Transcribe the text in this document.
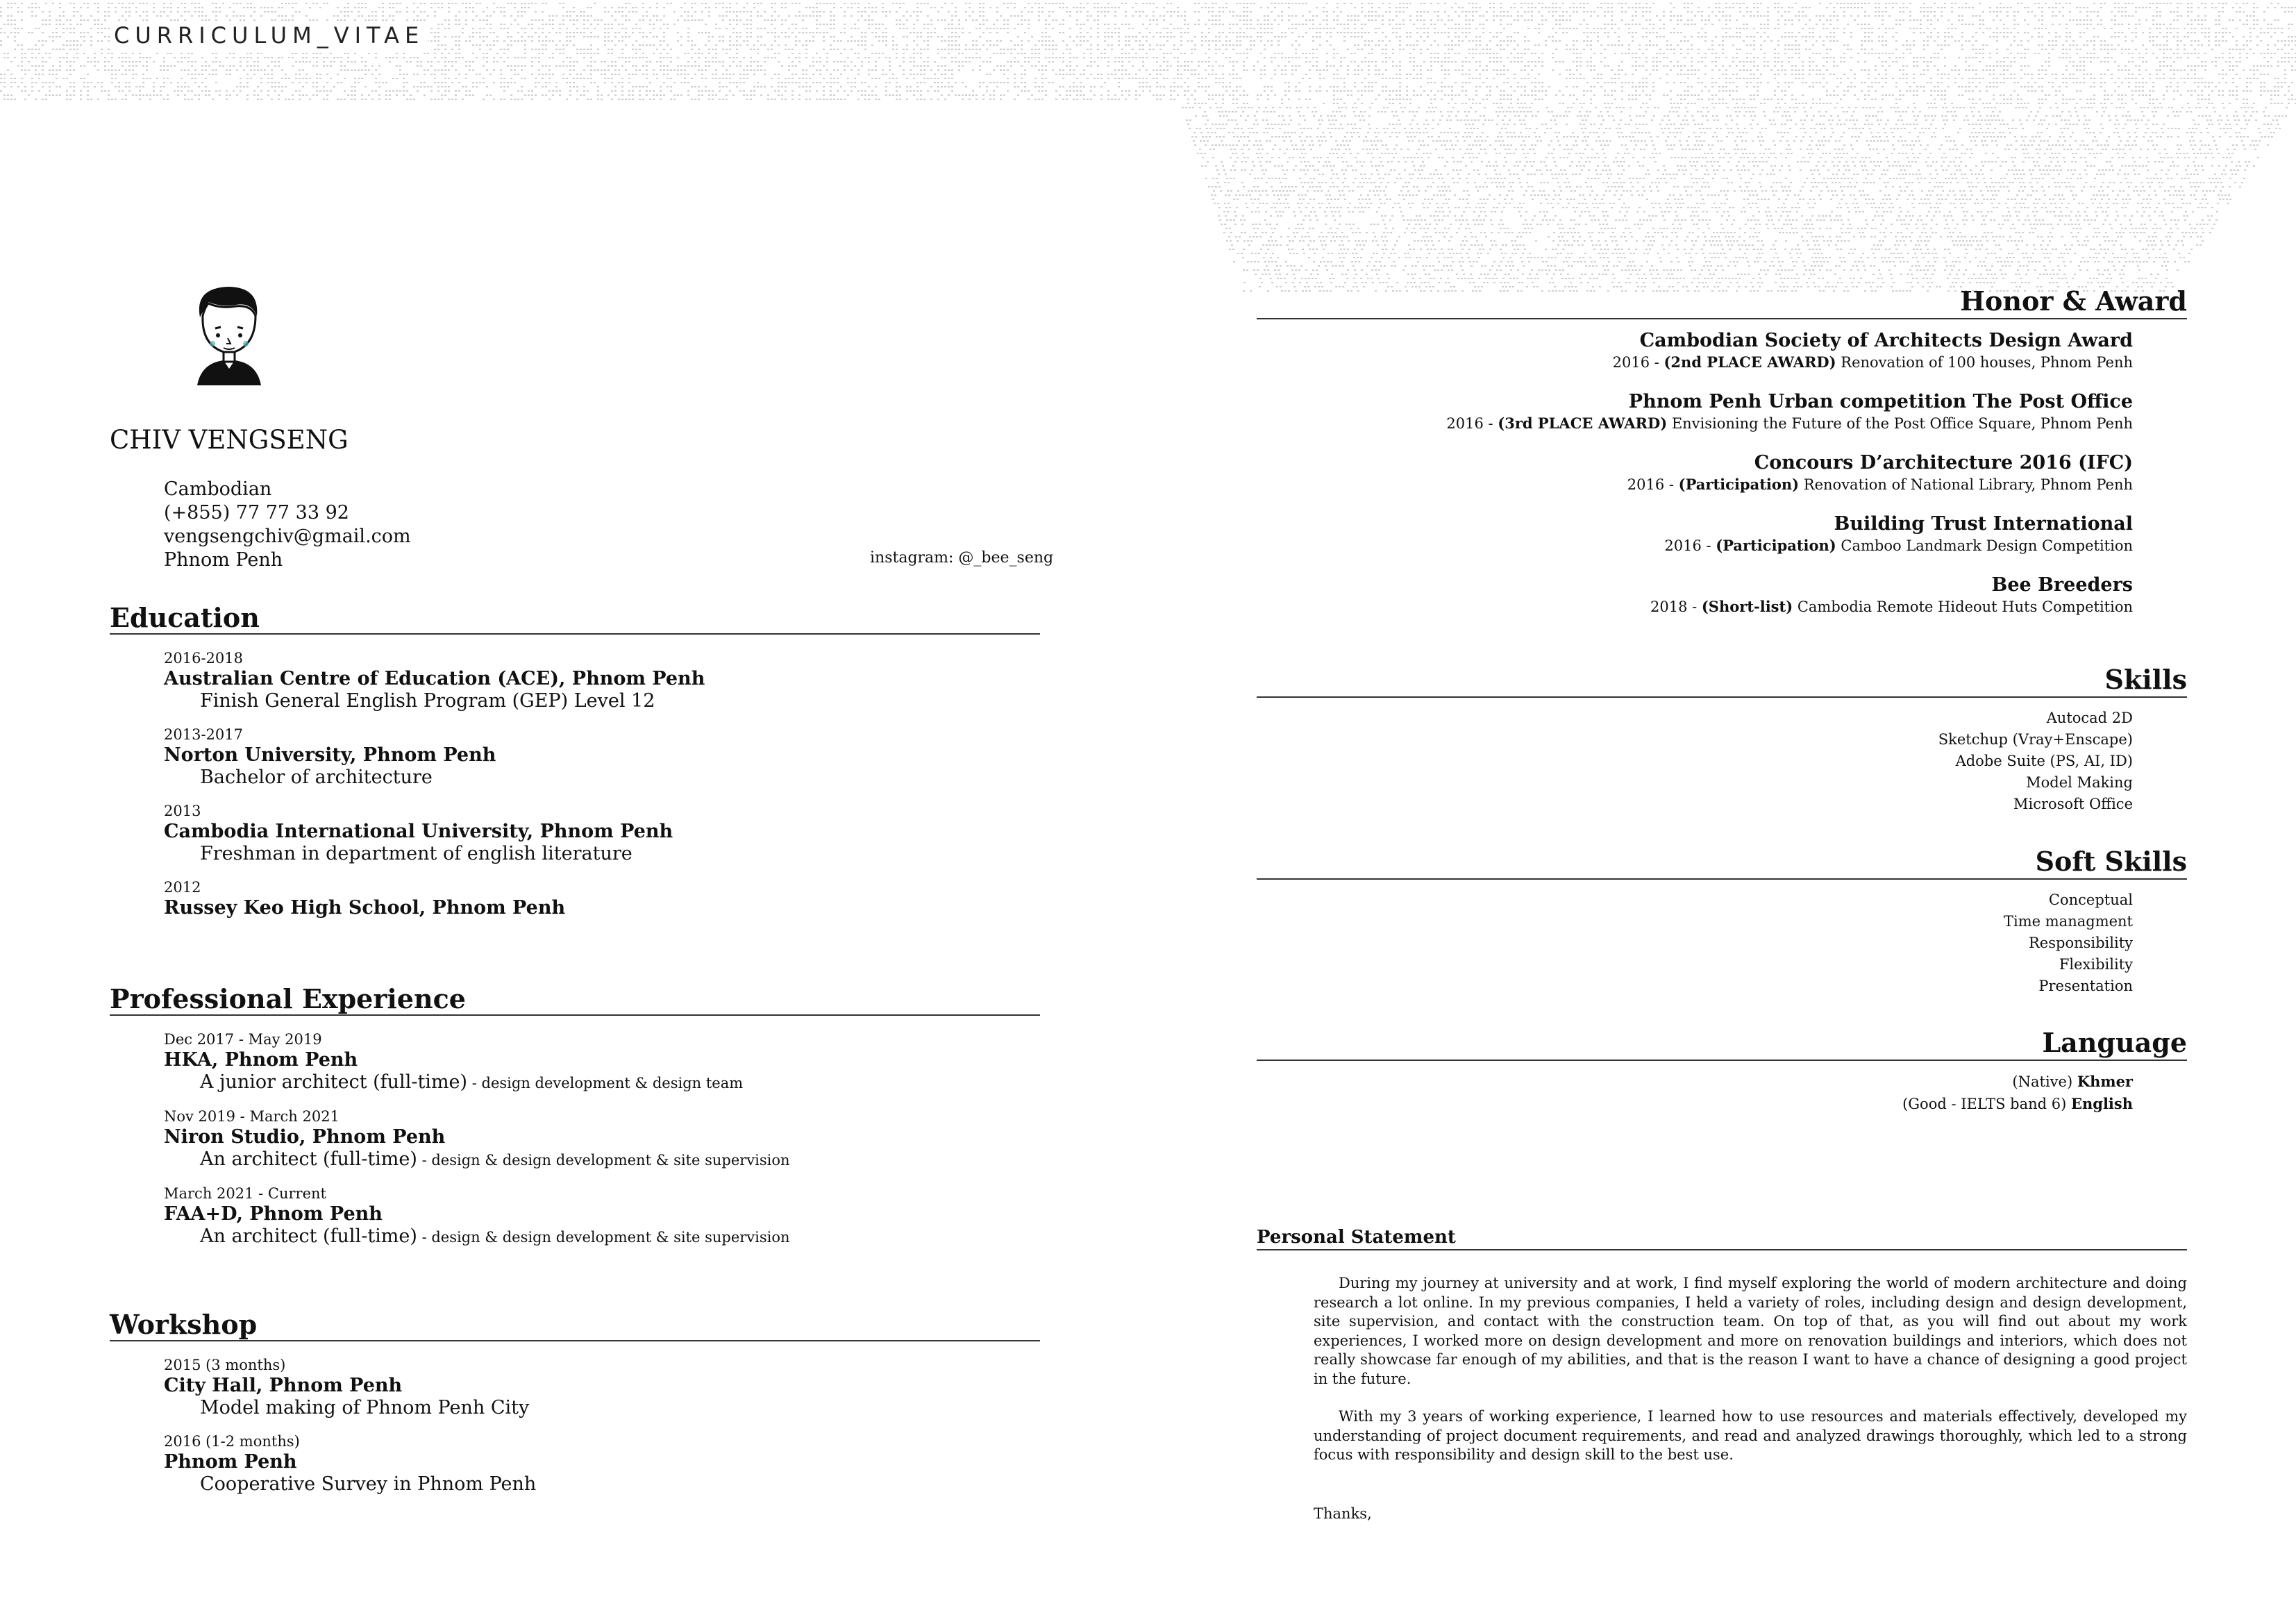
CURRICULUM_VITAE
CHIV VENGSENG
Cambodian
(+855) 77 77 33 92
vengsengchiv@gmail.com
Phnom Penh	instagram: @_bee_seng
Education
2016-2018
Australian Centre of Education (ACE), Phnom Penh
Finish General English Program (GEP) Level 12
2013-2017
Norton University, Phnom Penh
Bachelor of architecture
2013
Cambodia International University, Phnom Penh
Freshman in department of english literature
2012
Russey Keo High School, Phnom Penh
Professional Experience
Dec 2017 - May 2019
HKA, Phnom Penh
A junior architect (full-time) - design development & design team
Nov 2019 - March 2021
Niron Studio, Phnom Penh
An architect (full-time) - design & design development & site supervision
March 2021 - Current
FAA+D, Phnom Penh
An architect (full-time) - design & design development & site supervision
Workshop
2015 (3 months)
City Hall, Phnom Penh
Model making of Phnom Penh City
2016 (1-2 months)
Phnom Penh
Cooperative Survey in Phnom Penh
Honor & Award
Cambodian Society of Architects Design Award
2016 - (2nd PLACE AWARD) Renovation of 100 houses, Phnom Penh
Phnom Penh Urban competition The Post Office
2016 - (3rd PLACE AWARD) Envisioning the Future of the Post Office Square, Phnom Penh
Concours D’architecture 2016 (IFC)
2016 - (Participation) Renovation of National Library, Phnom Penh
Building Trust International
2016 - (Participation) Camboo Landmark Design Competition
Bee Breeders
2018 - (Short-list) Cambodia Remote Hideout Huts Competition
Skills
Autocad 2D
Sketchup (Vray+Enscape)
Adobe Suite (PS, AI, ID)
Model Making
Microsoft Office
Soft Skills
Conceptual
Time managment
Responsibility
Flexibility
Presentation
Language
(Native) Khmer
(Good - IELTS band 6) English
Personal Statement

During my journey at university and at work, I find myself exploring the world of modern architecture and doing research a lot online. In my previous companies, I held a variety of roles, including design and design development, site supervision, and contact with the construction team. On top of that, as you will find out about my work experiences, I worked more on design development and more on renovation buildings and interiors, which does not really showcase far enough of my abilities, and that is the reason I want to have a chance of designing a good project in the future.

With my 3 years of working experience, I learned how to use resources and materials effectively, developed my understanding of project document requirements, and read and analyzed drawings thoroughly, which led to a strong focus with responsibility and design skill to the best use.

Thanks,
